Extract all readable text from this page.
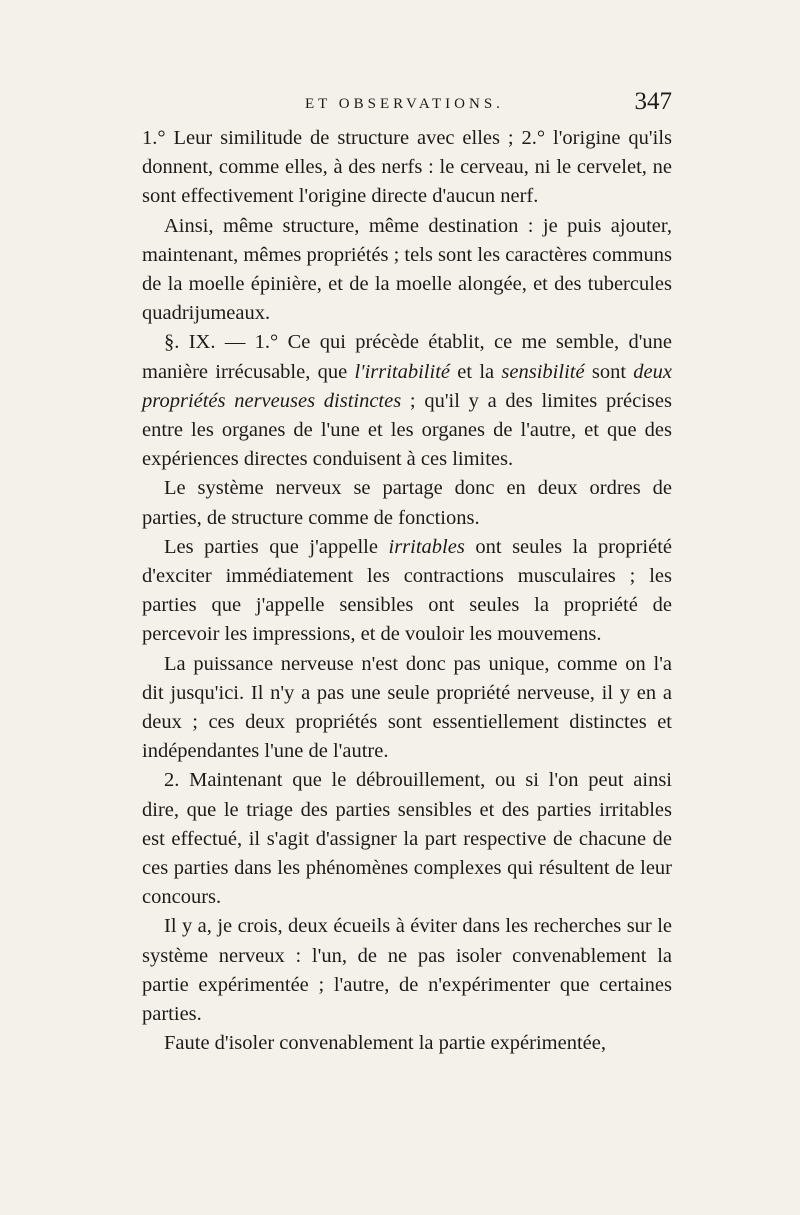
ET OBSERVATIONS.	347

1.° Leur similitude de structure avec elles ; 2.° l'origine qu'ils donnent, comme elles, à des nerfs : le cerveau, ni le cervelet, ne sont effectivement l'origine directe d'aucun nerf.

Ainsi, même structure, même destination : je puis ajouter, maintenant, mêmes propriétés ; tels sont les caractères communs de la moelle épinière, et de la moelle alongée, et des tubercules quadrijumeaux.

§. IX. — 1.° Ce qui précède établit, ce me semble, d'une manière irrécusable, que l'irritabilité et la sensibilité sont deux propriétés nerveuses distinctes ; qu'il y a des limites précises entre les organes de l'une et les organes de l'autre, et que des expériences directes conduisent à ces limites.

Le système nerveux se partage donc en deux ordres de parties, de structure comme de fonctions.

Les parties que j'appelle irritables ont seules la propriété d'exciter immédiatement les contractions musculaires ; les parties que j'appelle sensibles ont seules la propriété de percevoir les impressions, et de vouloir les mouvemens.

La puissance nerveuse n'est donc pas unique, comme on l'a dit jusqu'ici. Il n'y a pas une seule propriété nerveuse, il y en a deux ; ces deux propriétés sont essentiellement distinctes et indépendantes l'une de l'autre.

2. Maintenant que le débrouillement, ou si l'on peut ainsi dire, que le triage des parties sensibles et des parties irritables est effectué, il s'agit d'assigner la part respective de chacune de ces parties dans les phénomènes complexes qui résultent de leur concours.

Il y a, je crois, deux écueils à éviter dans les recherches sur le système nerveux : l'un, de ne pas isoler convenablement la partie expérimentée ; l'autre, de n'expérimenter que certaines parties.

Faute d'isoler convenablement la partie expérimentée,
